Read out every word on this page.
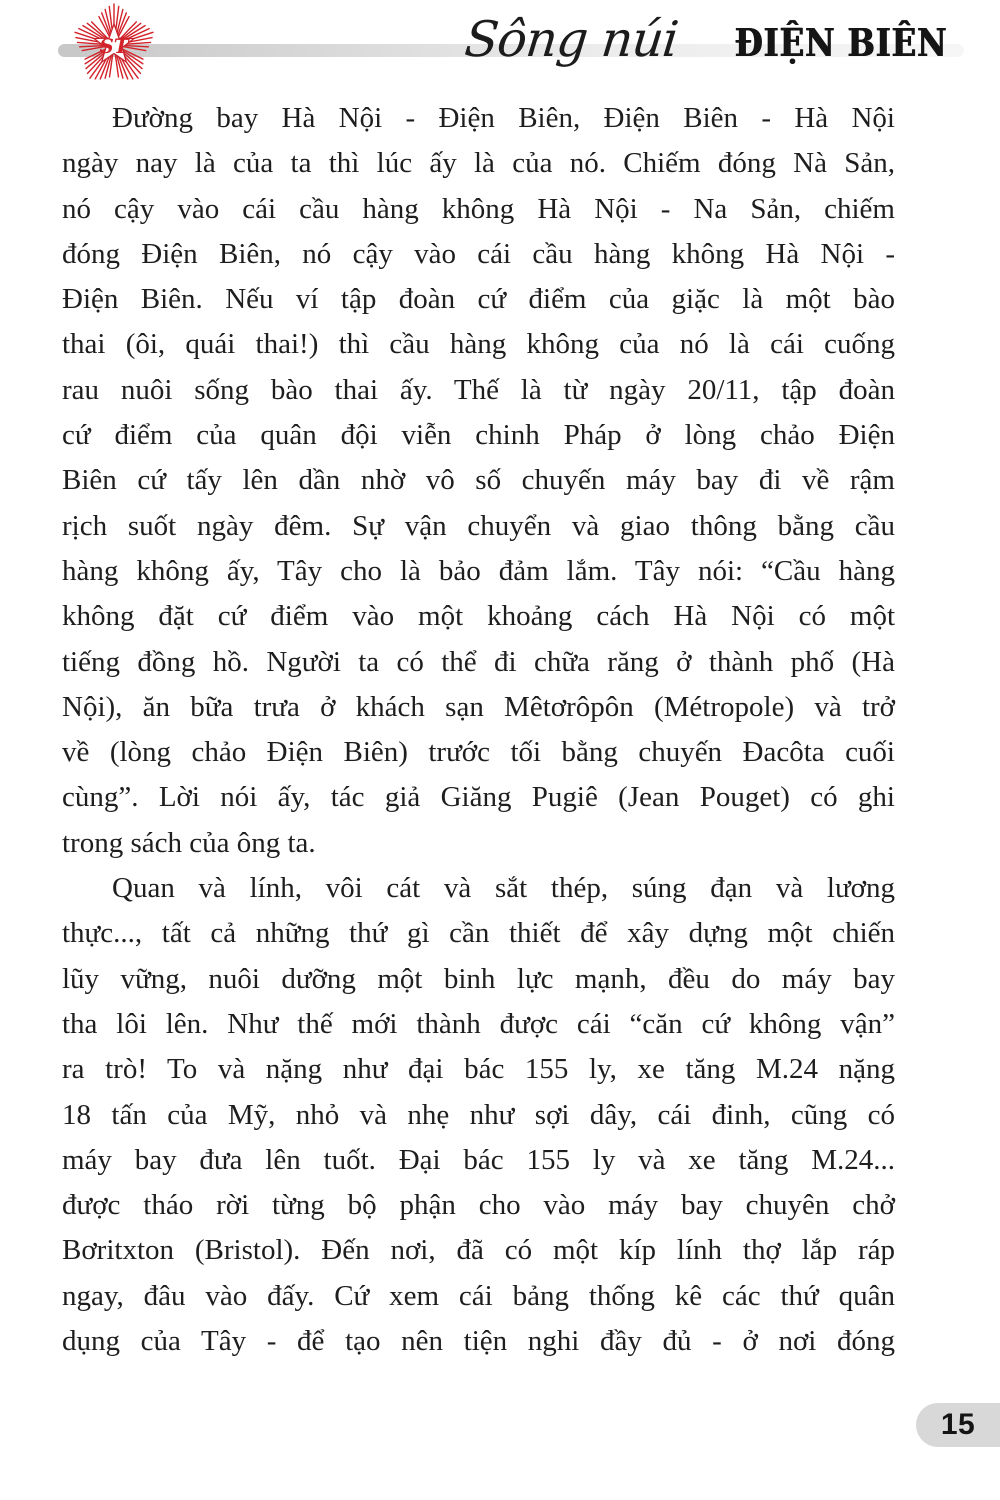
ST	Sông núi ĐIỆN BIÊN
Đường bay Hà Nội - Điện Biên, Điện Biên - Hà Nội
ngày nay là của ta thì lúc ấy là của nó. Chiếm đóng Nà Sản,
nó cậy vào cái cầu hàng không Hà Nội - Na Sản, chiếm
đóng Điện Biên, nó cậy vào cái cầu hàng không Hà Nội -
Điện Biên. Nếu ví tập đoàn cứ điểm của giặc là một bào
thai (ôi, quái thai!) thì cầu hàng không của nó là cái cuống
rau nuôi sống bào thai ấy. Thế là từ ngày 20/11, tập đoàn
cứ điểm của quân đội viễn chinh Pháp ở lòng chảo Điện
Biên cứ tấy lên dần nhờ vô số chuyến máy bay đi về rậm
rịch suốt ngày đêm. Sự vận chuyển và giao thông bằng cầu
hàng không ấy, Tây cho là bảo đảm lắm. Tây nói: “Cầu hàng
không đặt cứ điểm vào một khoảng cách Hà Nội có một
tiếng đồng hồ. Người ta có thể đi chữa răng ở thành phố (Hà
Nội), ăn bữa trưa ở khách sạn Mêtơrôpôn (Métropole) và trở
về (lòng chảo Điện Biên) trước tối bằng chuyến Đacôta cuối
cùng”. Lời nói ấy, tác giả Giăng Pugiê (Jean Pouget) có ghi
trong sách của ông ta.
Quan và lính, vôi cát và sắt thép, súng đạn và lương
thực..., tất cả những thứ gì cần thiết để xây dựng một chiến
lũy vững, nuôi dưỡng một binh lực mạnh, đều do máy bay
tha lôi lên. Như thế mới thành được cái “căn cứ không vận”
ra trò! To và nặng như đại bác 155 ly, xe tăng M.24 nặng
18 tấn của Mỹ, nhỏ và nhẹ như sợi dây, cái đinh, cũng có
máy bay đưa lên tuốt. Đại bác 155 ly và xe tăng M.24...
được tháo rời từng bộ phận cho vào máy bay chuyên chở
Bơritxton (Bristol). Đến nơi, đã có một kíp lính thợ lắp ráp
ngay, đâu vào đấy. Cứ xem cái bảng thống kê các thứ quân
dụng của Tây - để tạo nên tiện nghi đầy đủ - ở nơi đóng
15
